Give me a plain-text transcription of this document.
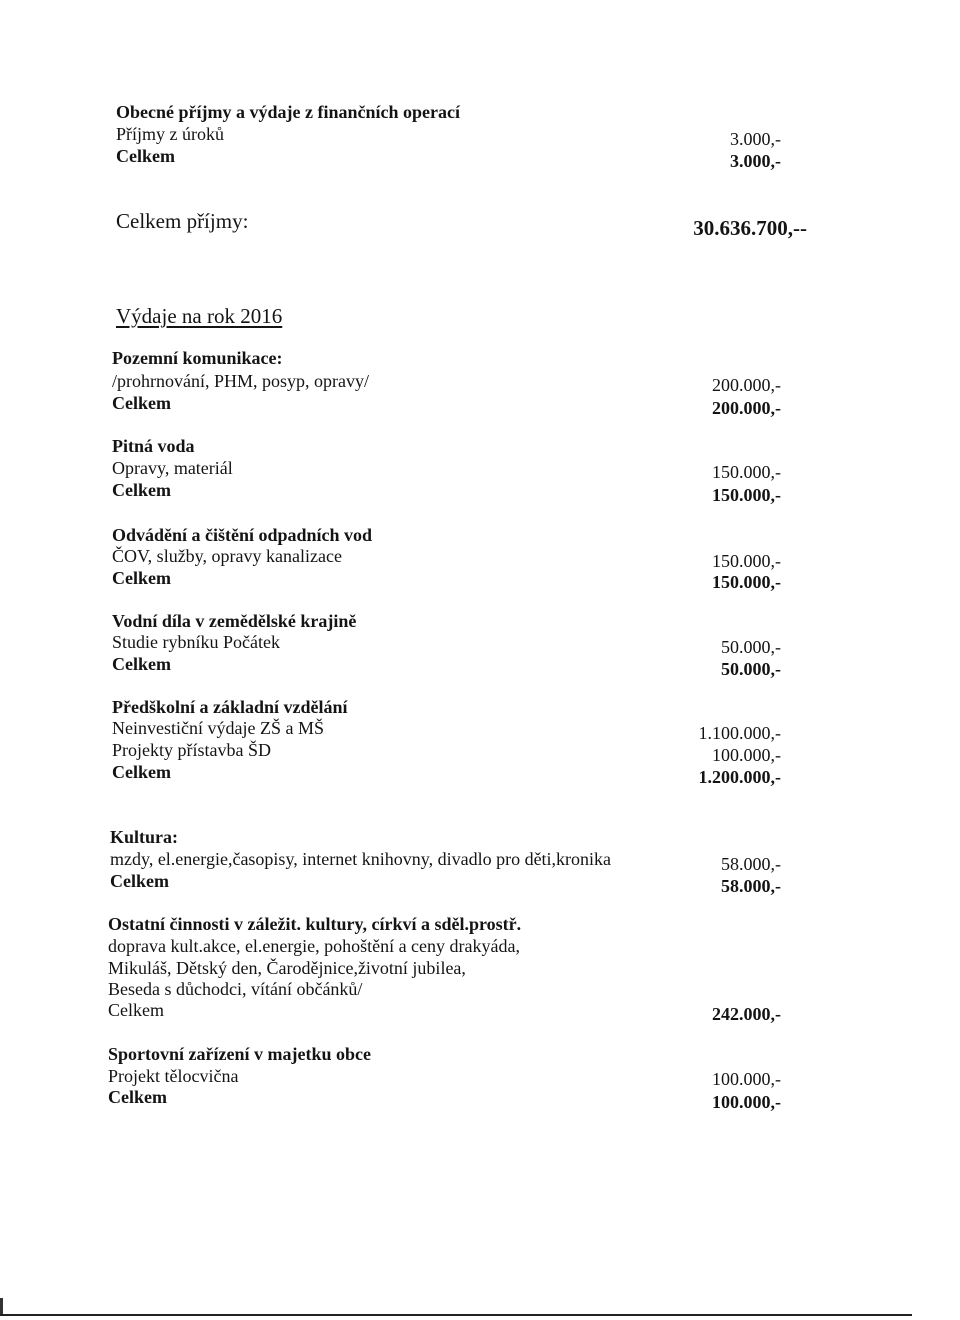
Obecné příjmy a výdaje z finančních operací
Příjmy z úroků	3.000,-
Celkem	3.000,-
Celkem příjmy:	30.636.700,--
Výdaje na rok 2016
Pozemní komunikace:
/prohrnování, PHM, posyp, opravy/	200.000,-
Celkem	200.000,-
Pitná voda
Opravy, materiál	150.000,-
Celkem	150.000,-
Odvádění a čištění odpadních vod
ČOV, služby, opravy kanalizace	150.000,-
Celkem	150.000,-
Vodní díla v zemědělské krajině
Studie rybníku Počátek	50.000,-
Celkem	50.000,-
Předškolní a základní vzdělání
Neinvestiční výdaje ZŠ a MŠ	1.100.000,-
Projekty přístavba ŠD	100.000,-
Celkem	1.200.000,-
Kultura:
mzdy, el.energie,časopisy, internet knihovny, divadlo pro děti,kronika	58.000,-
Celkem	58.000,-
Ostatní činnosti v záležit. kultury, církví a sděl.prostř.
doprava kult.akce, el.energie, pohoštění a ceny drakyáda,
Mikuláš, Dětský den, Čarodějnice,životní jubilea,
Beseda s důchodci, vítání občánků/
Celkem	242.000,-
Sportovní zařízení v majetku obce
Projekt tělocvična	100.000,-
Celkem	100.000,-
